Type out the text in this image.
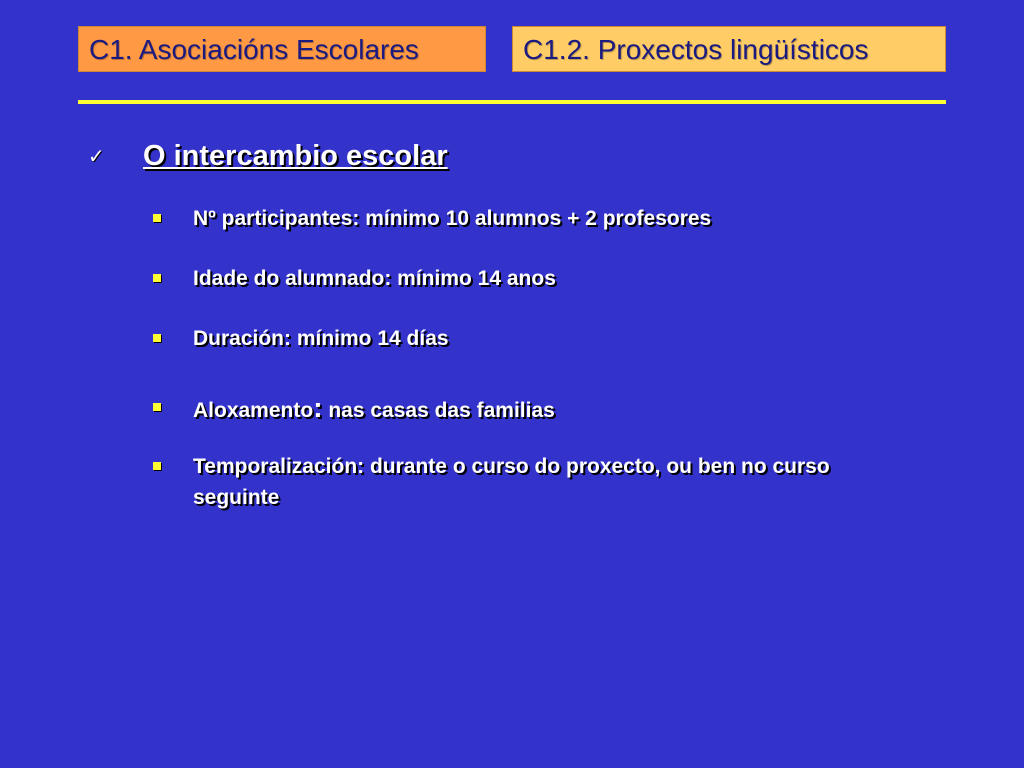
C1. Asociacións Escolares	C1.2. Proxectos lingüísticos
✓ O intercambio escolar
Nº participantes: mínimo 10 alumnos + 2 profesores
Idade do alumnado: mínimo 14 anos
Duración: mínimo 14 días
Aloxamento: nas casas das familias
Temporalización: durante o curso do proxecto, ou ben no curso seguinte
